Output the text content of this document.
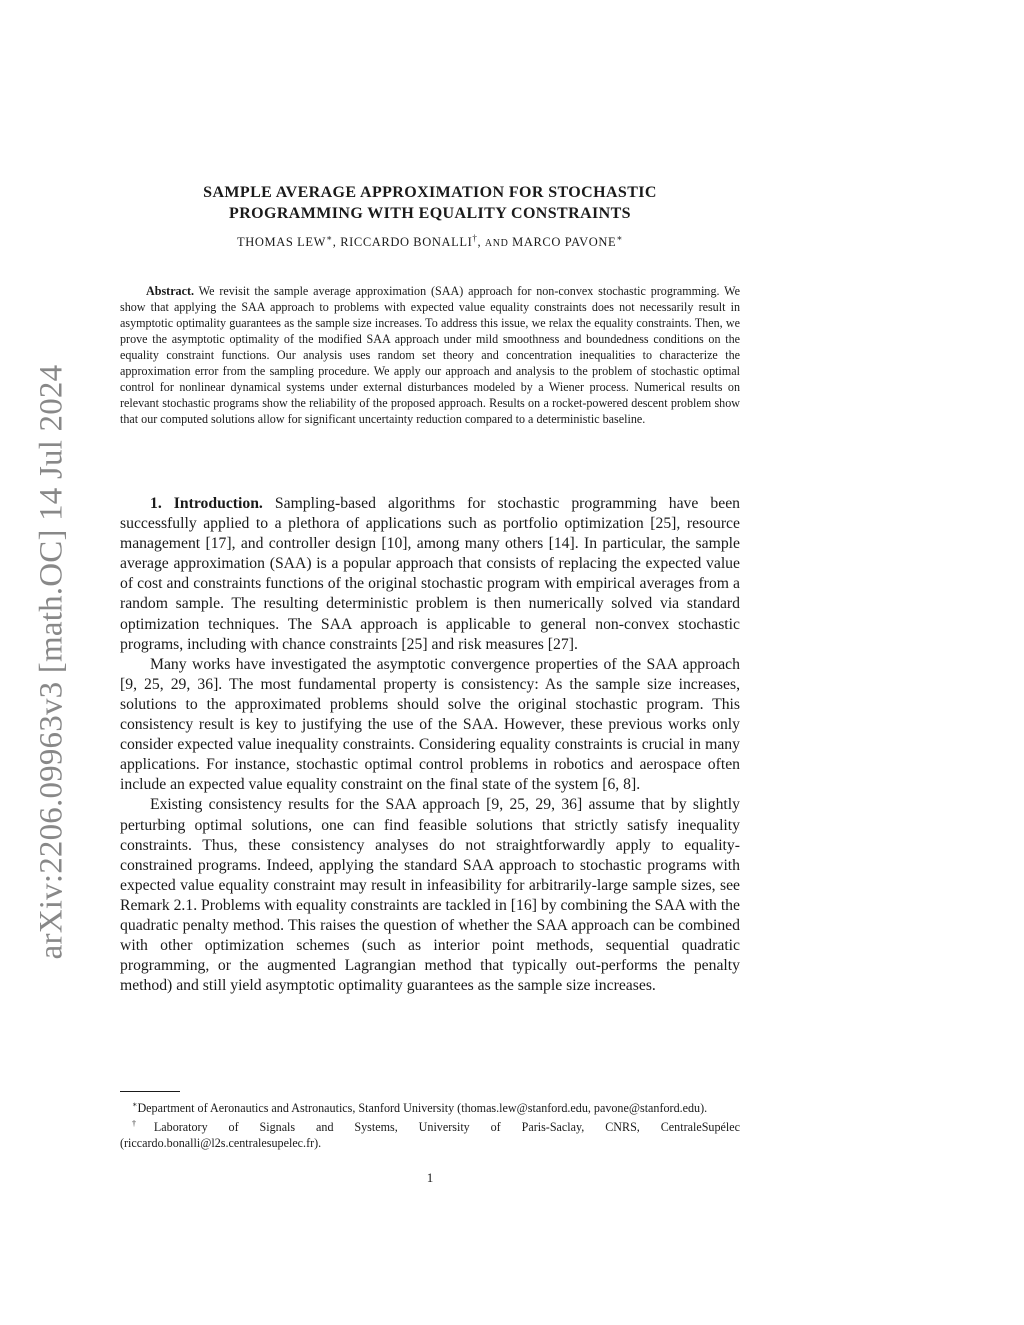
arXiv:2206.09963v3 [math.OC] 14 Jul 2024
SAMPLE AVERAGE APPROXIMATION FOR STOCHASTIC
PROGRAMMING WITH EQUALITY CONSTRAINTS
THOMAS LEW∗, RICCARDO BONALLI†, AND MARCO PAVONE∗
Abstract. We revisit the sample average approximation (SAA) approach for non-convex stochastic programming. We show that applying the SAA approach to problems with expected value equality constraints does not necessarily result in asymptotic optimality guarantees as the sample size increases. To address this issue, we relax the equality constraints. Then, we prove the asymptotic optimality of the modified SAA approach under mild smoothness and boundedness conditions on the equality constraint functions. Our analysis uses random set theory and concentration inequalities to characterize the approximation error from the sampling procedure. We apply our approach and analysis to the problem of stochastic optimal control for nonlinear dynamical systems under external disturbances modeled by a Wiener process. Numerical results on relevant stochastic programs show the reliability of the proposed approach. Results on a rocket-powered descent problem show that our computed solutions allow for significant uncertainty reduction compared to a deterministic baseline.

1. Introduction. Sampling-based algorithms for stochastic programming have been successfully applied to a plethora of applications such as portfolio optimization [25], resource management [17], and controller design [10], among many others [14]. In particular, the sample average approximation (SAA) is a popular approach that consists of replacing the expected value of cost and constraints functions of the original stochastic program with empirical averages from a random sample. The resulting deterministic problem is then numerically solved via standard optimization techniques. The SAA approach is applicable to general non-convex stochastic programs, including with chance constraints [25] and risk measures [27].

Many works have investigated the asymptotic convergence properties of the SAA approach [9, 25, 29, 36]. The most fundamental property is consistency: As the sample size increases, solutions to the approximated problems should solve the original stochastic program. This consistency result is key to justifying the use of the SAA. However, these previous works only consider expected value inequality constraints. Considering equality constraints is crucial in many applications. For instance, stochastic optimal control problems in robotics and aerospace often include an expected value equality constraint on the final state of the system [6, 8].

Existing consistency results for the SAA approach [9, 25, 29, 36] assume that by slightly perturbing optimal solutions, one can find feasible solutions that strictly satisfy inequality constraints. Thus, these consistency analyses do not straightforwardly apply to equality-constrained programs. Indeed, applying the standard SAA approach to stochastic programs with expected value equality constraint may result in infeasibility for arbitrarily-large sample sizes, see Remark 2.1. Problems with equality constraints are tackled in [16] by combining the SAA with the quadratic penalty method. This raises the question of whether the SAA approach can be combined with other optimization schemes (such as interior point methods, sequential quadratic programming, or the augmented Lagrangian method that typically out-performs the penalty method) and still yield asymptotic optimality guarantees as the sample size increases.

∗Department of Aeronautics and Astronautics, Stanford University (thomas.lew@stanford.edu, pavone@stanford.edu).

†Laboratory of Signals and Systems, University of Paris-Saclay, CNRS, CentraleSupélec (riccardo.bonalli@l2s.centralesupelec.fr).

1
